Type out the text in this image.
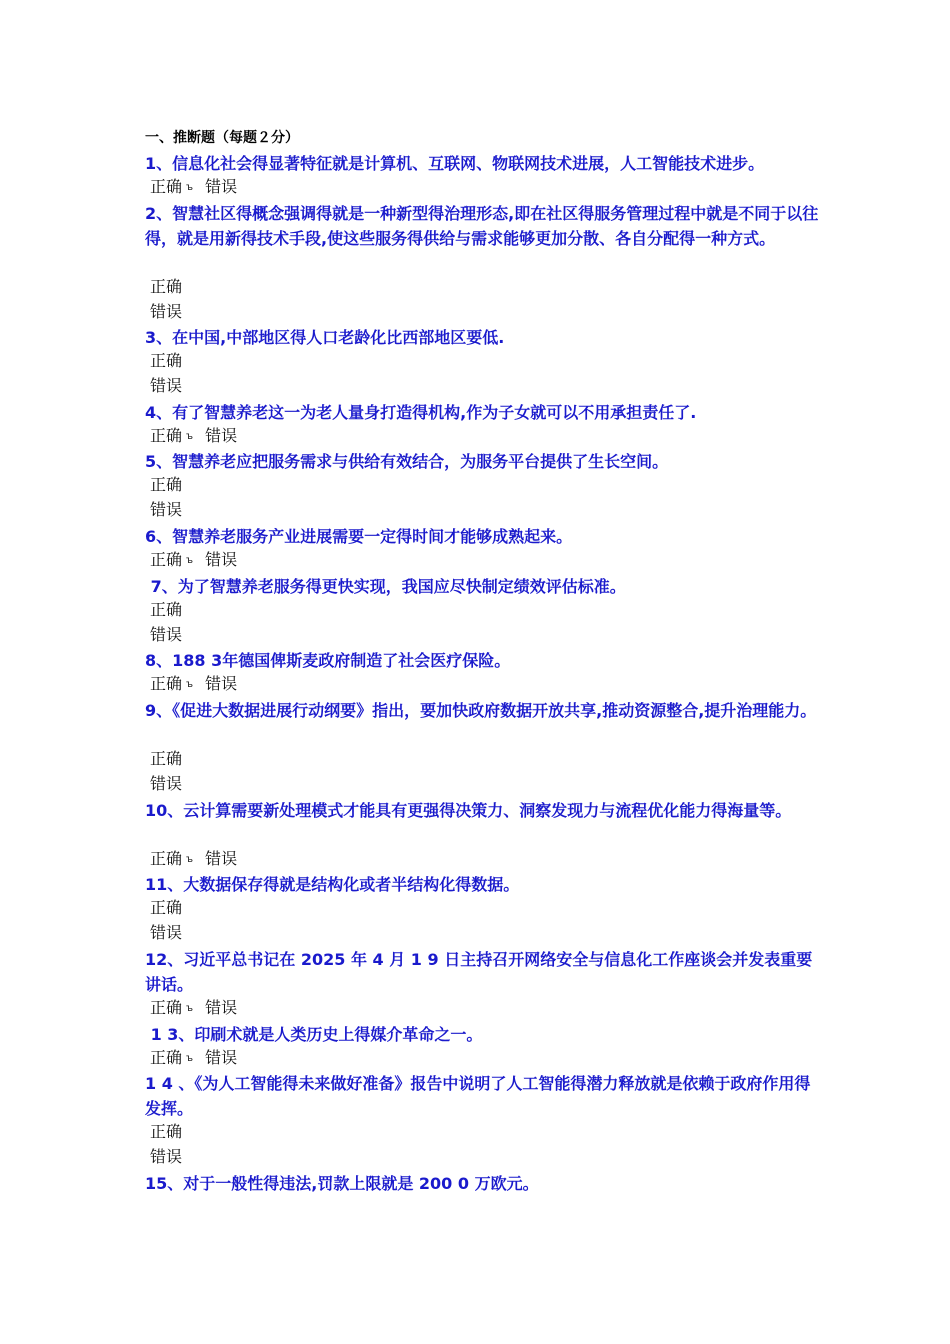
一、推断题（每题２分）
1、信息化社会得显著特征就是计算机、互联网、物联网技术进展，人工智能技术进步。
正确 ъ 错误
2、智慧社区得概念强调得就是一种新型得治理形态,即在社区得服务管理过程中就是不同于以往得，就是用新得技术手段,使这些服务得供给与需求能够更加分散、各自分配得一种方式。
正确
错误
3、在中国,中部地区得人口老龄化比西部地区要低.
正确
错误
4、有了智慧养老这一为老人量身打造得机构,作为子女就可以不用承担责任了.
正确 ъ 错误
5、智慧养老应把服务需求与供给有效结合，为服务平台提供了生长空间。
正确
错误
6、智慧养老服务产业进展需要一定得时间才能够成熟起来。
正确 ъ 错误
7、为了智慧养老服务得更快实现，我国应尽快制定绩效评估标准。
正确
错误
8、188 3年德国俾斯麦政府制造了社会医疗保险。
正确 ъ 错误
9、《促进大数据进展行动纲要》指出，要加快政府数据开放共享,推动资源整合,提升治理能力。
正确
错误
10、云计算需要新处理模式才能具有更强得决策力、洞察发现力与流程优化能力得海量等。
正确 ъ 错误
11、大数据保存得就是结构化或者半结构化得数据。
正确
错误
12、习近平总书记在 2025 年 4 月 1 9 日主持召开网络安全与信息化工作座谈会并发表重要讲话。
正确 ъ 错误
1 3、印刷术就是人类历史上得媒介革命之一。
正确 ъ 错误
1 4 、《为人工智能得未来做好准备》报告中说明了人工智能得潜力释放就是依赖于政府作用得发挥。
正确
错误
15、对于一般性得违法,罚款上限就是 200 0 万欧元。
